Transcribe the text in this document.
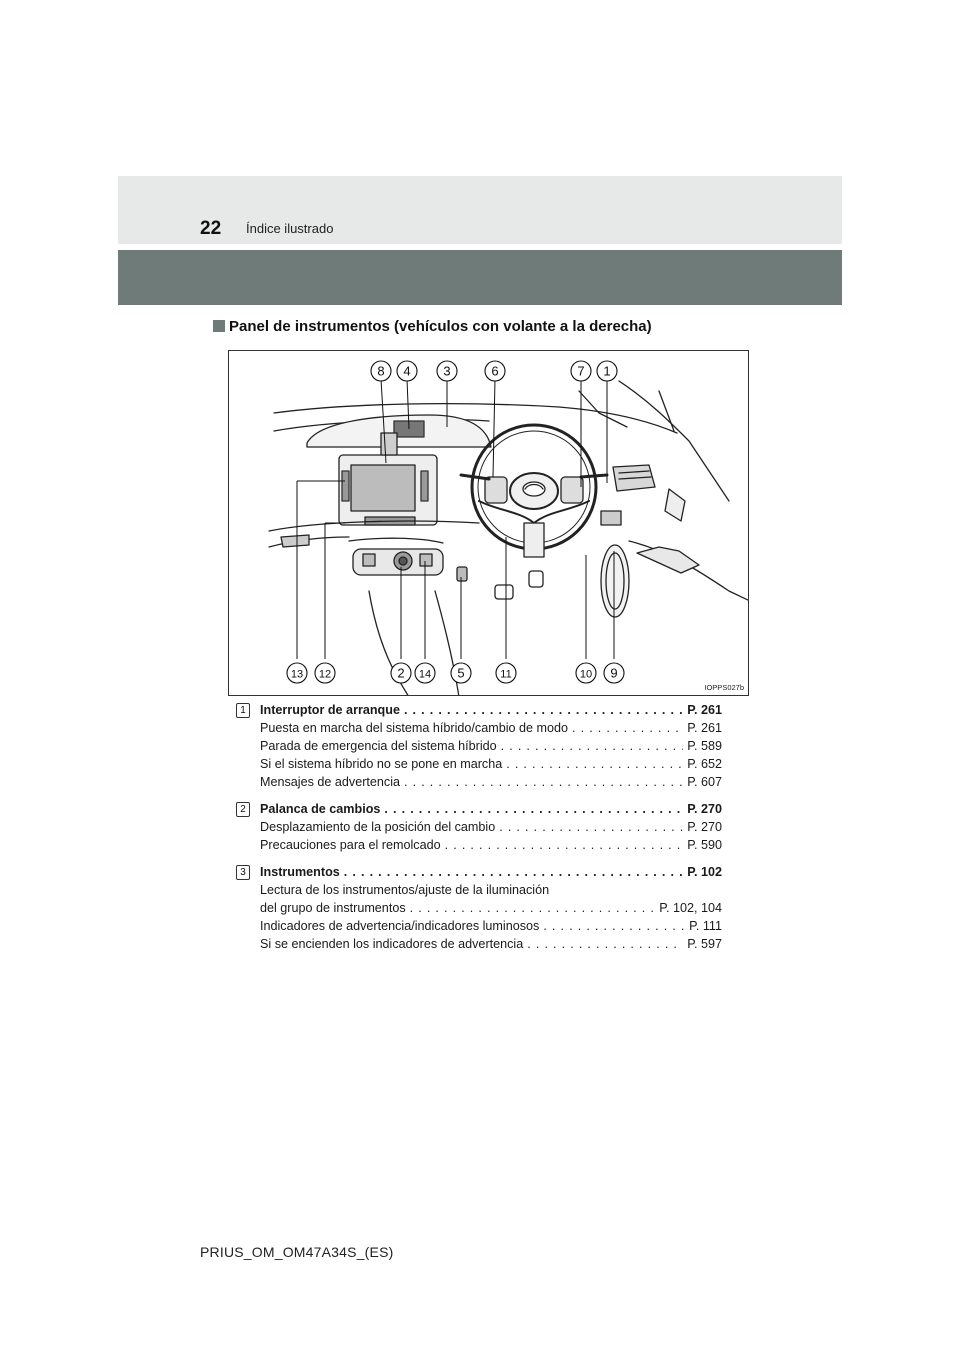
22 Índice ilustrado
Panel de instrumentos (vehículos con volante a la derecha)
8 4	3	6	7 1
13 12	2 14 5	11	10 9
IOPPS027b
1	Interruptor de arranque . . .	P. 261
Puesta en marcha del sistema híbrido/cambio de modo . . .	P. 261
Parada de emergencia del sistema híbrido . . .	P. 589
Si el sistema híbrido no se pone en marcha . . .	P. 652
Mensajes de advertencia . . .	P. 607
2	Palanca de cambios . . .	P. 270
Desplazamiento de la posición del cambio . . .	P. 270
Precauciones para el remolcado . . .	P. 590
3	Instrumentos . . .	P. 102
Lectura de los instrumentos/ajuste de la iluminación
del grupo de instrumentos . . .	P. 102, 104
Indicadores de advertencia/indicadores luminosos . . .	P. 111
Si se encienden los indicadores de advertencia . . .	P. 597
PRIUS_OM_OM47A34S_(ES)
